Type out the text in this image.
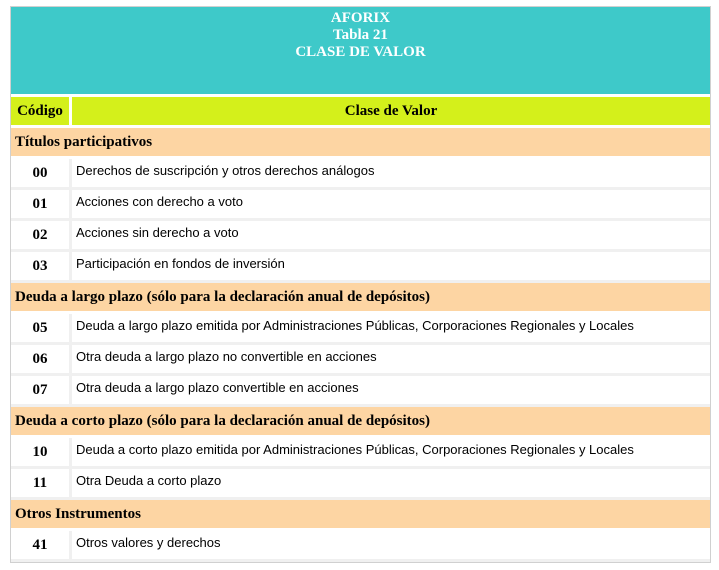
AFORIX
Tabla 21
CLASE DE VALOR
Código	Clase de Valor
Títulos participativos
00	Derechos de suscripción y otros derechos análogos
01	Acciones con derecho a voto
02	Acciones sin derecho a voto
03	Participación en fondos de inversión
Deuda a largo plazo (sólo para la declaración anual de depósitos)
05	Deuda a largo plazo emitida por Administraciones Públicas, Corporaciones Regionales y Locales
06	Otra deuda a largo plazo no convertible en acciones
07	Otra deuda a largo plazo convertible en acciones
Deuda a corto plazo (sólo para la declaración anual de depósitos)
10	Deuda a corto plazo emitida por Administraciones Públicas, Corporaciones Regionales y Locales
11	Otra Deuda a corto plazo
Otros Instrumentos
41	Otros valores y derechos
